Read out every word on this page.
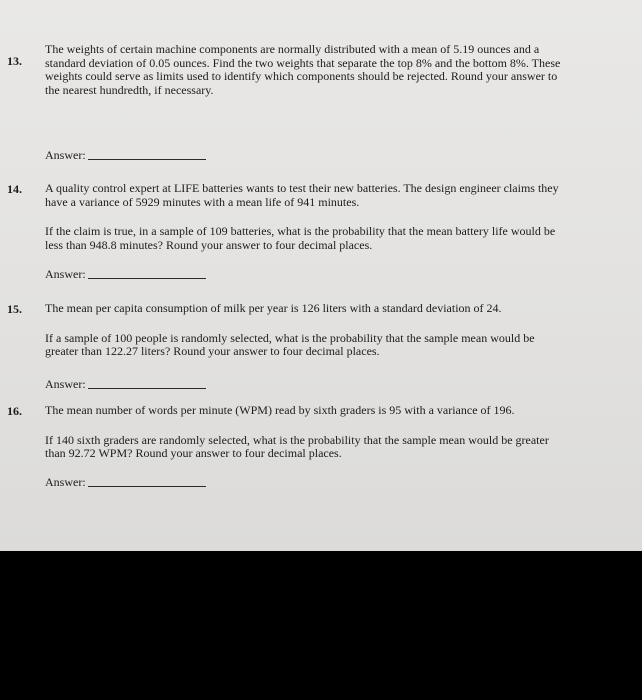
13.

The weights of certain machine components are normally distributed with a mean of 5.19 ounces and a standard deviation of 0.05 ounces. Find the two weights that separate the top 8% and the bottom 8%. These weights could serve as limits used to identify which components should be rejected. Round your answer to the nearest hundredth, if necessary.

Answer:
14. A quality control expert at LIFE batteries wants to test their new batteries. The design engineer claims they have a variance of 5929 minutes with a mean life of 941 minutes.

If the claim is true, in a sample of 109 batteries, what is the probability that the mean battery life would be less than 948.8 minutes? Round your answer to four decimal places.

Answer:
15. The mean per capita consumption of milk per year is 126 liters with a standard deviation of 24.

If a sample of 100 people is randomly selected, what is the probability that the sample mean would be greater than 122.27 liters? Round your answer to four decimal places.

Answer:
16. The mean number of words per minute (WPM) read by sixth graders is 95 with a variance of 196.

If 140 sixth graders are randomly selected, what is the probability that the sample mean would be greater than 92.72 WPM? Round your answer to four decimal places.

Answer:
